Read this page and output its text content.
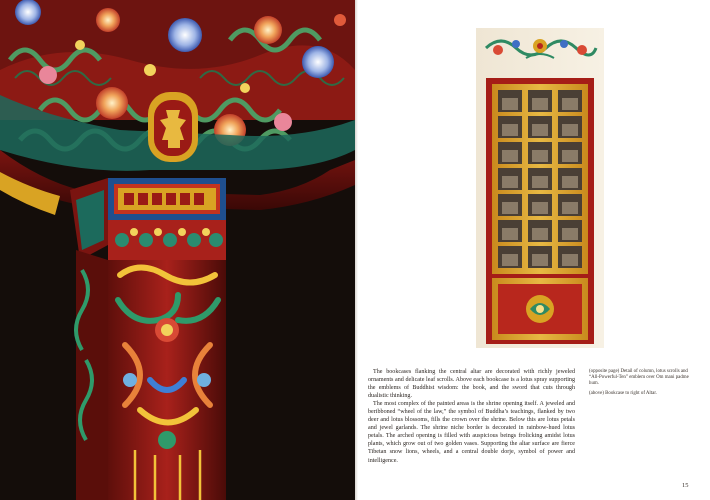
The bookcases flanking the central altar are decorated with richly jeweled ornaments and delicate leaf scrolls. Above each bookcase is a lotus spray supporting the emblems of Buddhist wisdom: the book, and the sword that cuts through dualistic thinking.

The most complex of the painted areas is the shrine opening itself. A jeweled and beribboned “wheel of the law,” the symbol of Buddha’s teachings, flanked by two deer and lotus blossoms, fills the crown over the shrine. Below this are lotus petals and jewel garlands. The shrine niche border is decorated in rainbow-hued lotus petals. The arched opening is filled with auspicious beings frolicking amidst lotus plants, which grow out of two golden vases. Supporting the altar surface are fierce Tibetan snow lions, wheels, and a central double dorje, symbol of power and intelligence.

(opposite page) Detail of column, lotus scrolls and “All-Powerful-Ten” emblem over Om mani padme hum.

(above) Bookcase to right of Altar.

15
